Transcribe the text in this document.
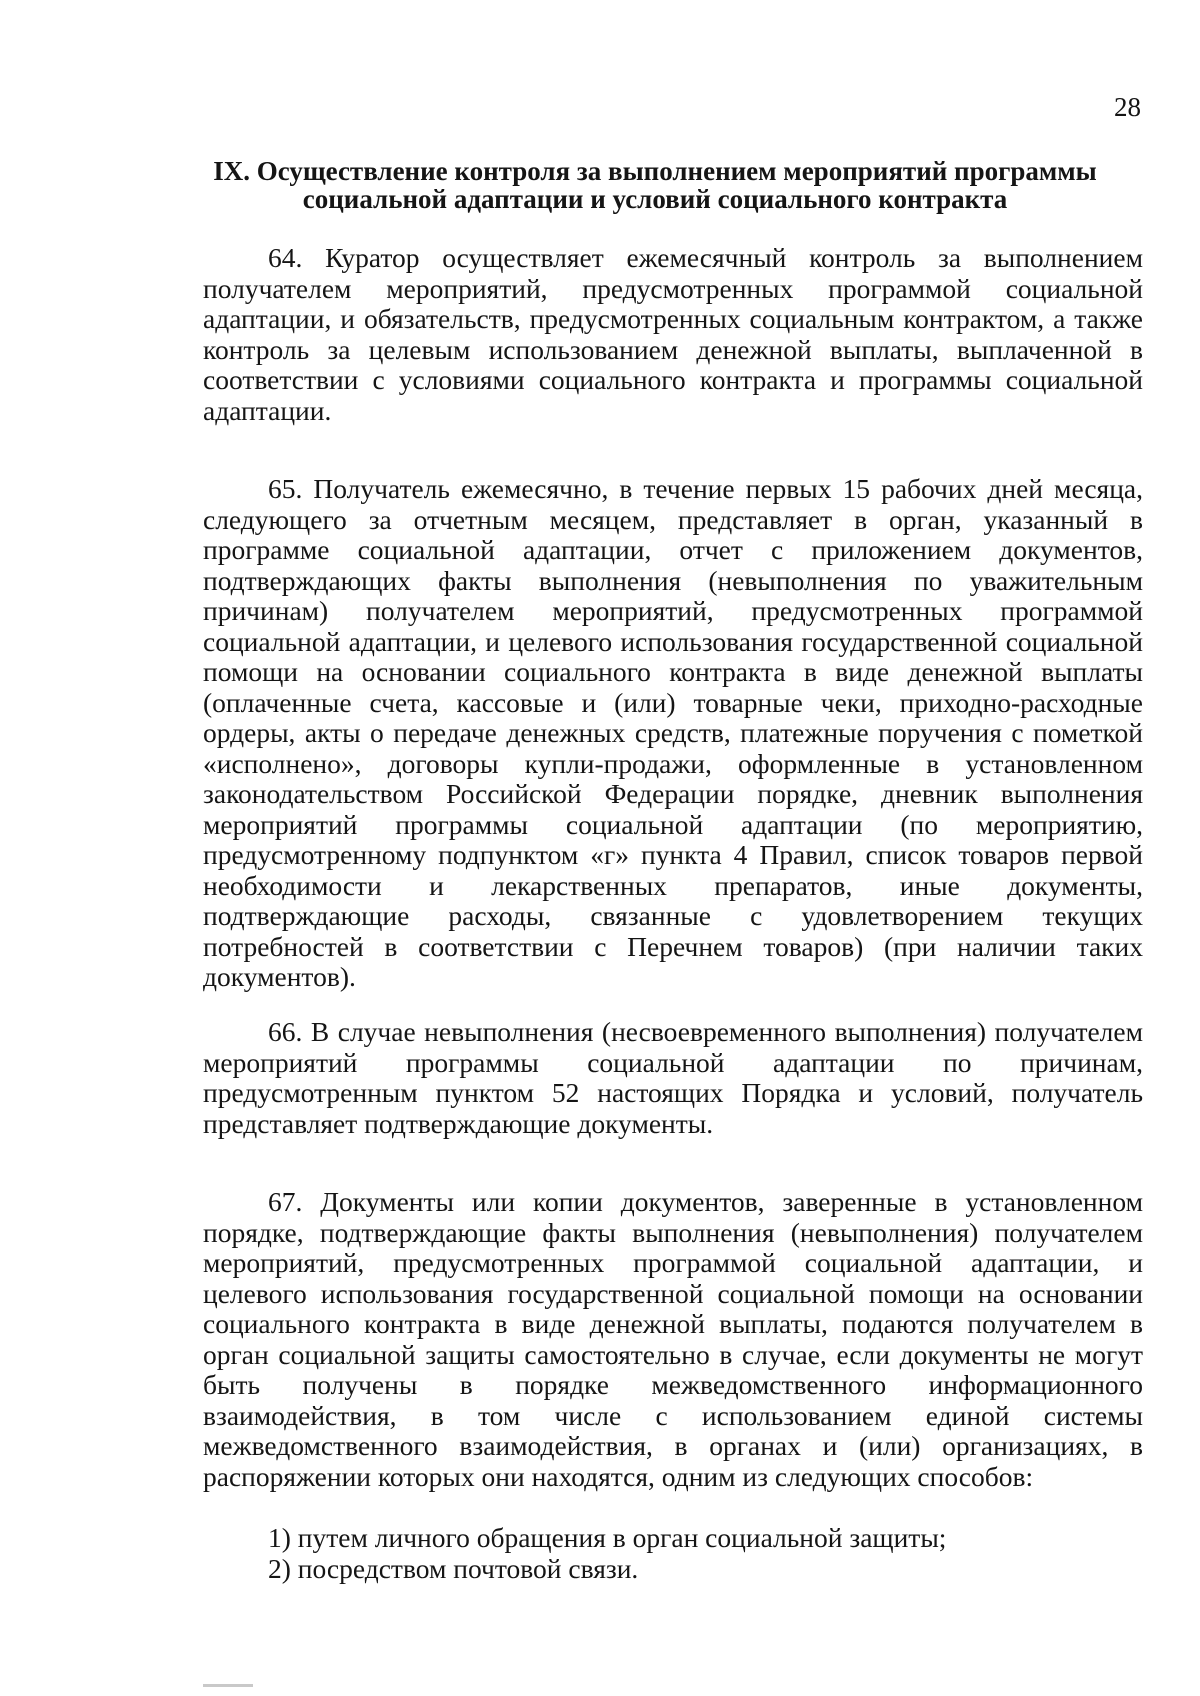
28
IX. Осуществление контроля за выполнением мероприятий программы
социальной адаптации и условий социального контракта

64. Куратор осуществляет ежемесячный контроль за выполнением получателем мероприятий, предусмотренных программой социальной адаптации, и обязательств, предусмотренных социальным контрактом, а также контроль за целевым использованием денежной выплаты, выплаченной в соответствии с условиями социального контракта и программы социальной адаптации.

65. Получатель ежемесячно, в течение первых 15 рабочих дней месяца, следующего за отчетным месяцем, представляет в орган, указанный в программе социальной адаптации, отчет с приложением документов, подтверждающих факты выполнения (невыполнения по уважительным причинам) получателем мероприятий, предусмотренных программой социальной адаптации, и целевого использования государственной социальной помощи на основании социального контракта в виде денежной выплаты (оплаченные счета, кассовые и (или) товарные чеки, приходно-расходные ордеры, акты о передаче денежных средств, платежные поручения с пометкой «исполнено», договоры купли-продажи, оформленные в установленном законодательством Российской Федерации порядке, дневник выполнения мероприятий программы социальной адаптации (по мероприятию, предусмотренному подпунктом «г» пункта 4 Правил, список товаров первой необходимости и лекарственных препаратов, иные документы, подтверждающие расходы, связанные с удовлетворением текущих потребностей в соответствии с Перечнем товаров) (при наличии таких документов).

66. В случае невыполнения (несвоевременного выполнения) получателем мероприятий программы социальной адаптации по причинам, предусмотренным пунктом 52 настоящих Порядка и условий, получатель представляет подтверждающие документы.

67. Документы или копии документов, заверенные в установленном порядке, подтверждающие факты выполнения (невыполнения) получателем мероприятий, предусмотренных программой социальной адаптации, и целевого использования государственной социальной помощи на основании социального контракта в виде денежной выплаты, подаются получателем в орган социальной защиты самостоятельно в случае, если документы не могут быть получены в порядке межведомственного информационного взаимодействия, в том числе с использованием единой системы межведомственного взаимодействия, в органах и (или) организациях, в распоряжении которых они находятся, одним из следующих способов:

1) путем личного обращения в орган социальной защиты;

2) посредством почтовой связи.
